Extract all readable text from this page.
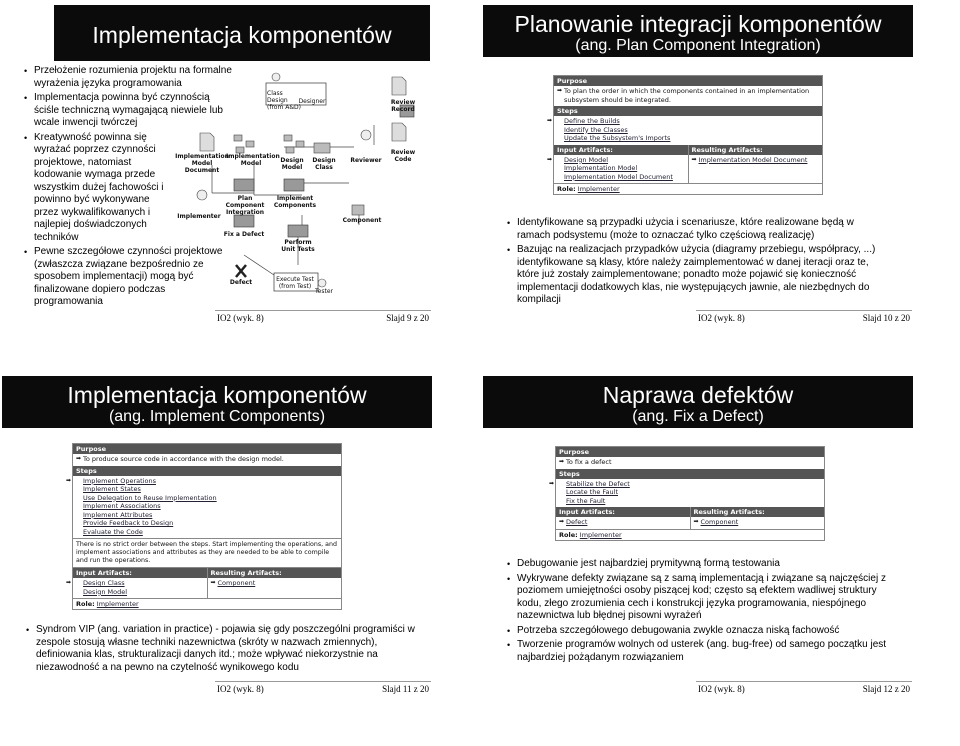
Implementacja komponentów
• Przełożenie rozumienia projektu na formalne wyrażenia języka programowania
• Implementacja powinna być czynnością ściśle techniczną wymagającą niewiele lub wcale inwencji twórczej
• Kreatywność powinna się wyrażać poprzez czynności projektowe, natomiast kodowanie wymaga przede wszystkim dużej fachowości i powinno być wykonywane przez wykwalifikowanych i najlepiej doświadczonych techników
• Pewne szczegółowe czynności projektowe (zwłaszcza związane bezpośrednio ze sposobem implementacji) mogą być finalizowane dopiero podczas programowania
Class Design (from A&D)
Designer	Review Record
Implementation Model Document
Implementation Model	Design Model
Design Class
Reviewer
Review Code
Implementer
Plan Component Integration
Implement Components
Component
Fix a Defect
Perform Unit Tests
Defect	Execute Test (from Test)
Tester
IO2 (wyk. 8)	Slajd 9 z 20
Planowanie integracji komponentów
(ang. Plan Component Integration)
Purpose
➡ To plan the order in which the components contained in an implementation subsystem should be integrated.
Steps
➡ Define the Builds
Identify the Classes
Update the Subsystem's Imports
Input Artifacts:
➡ Design Model
Implementation Model
Implementation Model Document
Resulting Artifacts:
➡ Implementation Model Document
Role: Implementer
• Identyfikowane są przypadki użycia i scenariusze, które realizowane będą w ramach podsystemu (może to oznaczać tylko częściową realizację)
• Bazując na realizacjach przypadków użycia (diagramy przebiegu, współpracy, ...) identyfikowane są klasy, które należy zaimplementować w danej iteracji oraz te, które już zostały zaimplementowane; ponadto może pojawić się konieczność implementacji dodatkowych klas, nie występujących jawnie, ale niezbędnych do kompilacji
IO2 (wyk. 8)	Slajd 10 z 20
Implementacja komponentów
(ang. Implement Components)
Purpose
➡ To produce source code in accordance with the design model.
Steps
➡ Implement Operations
Implement States
Use Delegation to Reuse Implementation
Implement Associations
Implement Attributes
Provide Feedback to Design
Evaluate the Code
There is no strict order between the steps. Start implementing the operations, and implement associations and attributes as they are needed to be able to compile and run the operations.
Input Artifacts:
➡ Design Class
Design Model
Resulting Artifacts:
➡ Component
Role: Implementer
• Syndrom VIP (ang. variation in practice) - pojawia się gdy poszczególni programiści w zespole stosują własne techniki nazewnictwa (skróty w nazwach zmiennych), definiowania klas, strukturalizacji danych itd.; może wpływać niekorzystnie na niezawodność a na pewno na czytelność wynikowego kodu
IO2 (wyk. 8)	Slajd 11 z 20
Naprawa defektów
(ang. Fix a Defect)
Purpose
➡ To fix a defect
Steps
➡ Stabilize the Defect
Locate the Fault
Fix the Fault
Input Artifacts:
➡ Defect
Resulting Artifacts:
➡ Component
Role: Implementer
• Debugowanie jest najbardziej prymitywną formą testowania
• Wykrywane defekty związane są z samą implementacją i związane są najczęściej z poziomem umiejętności osoby piszącej kod; często są efektem wadliwej struktury kodu, złego zrozumienia cech i konstrukcji języka programowania, niespójnego nazewnictwa lub błędnej pisowni wyrażeń
• Potrzeba szczegółowego debugowania zwykle oznacza niską fachowość
• Tworzenie programów wolnych od usterek (ang. bug-free) od samego początku jest najbardziej pożądanym rozwiązaniem
IO2 (wyk. 8)	Slajd 12 z 20
